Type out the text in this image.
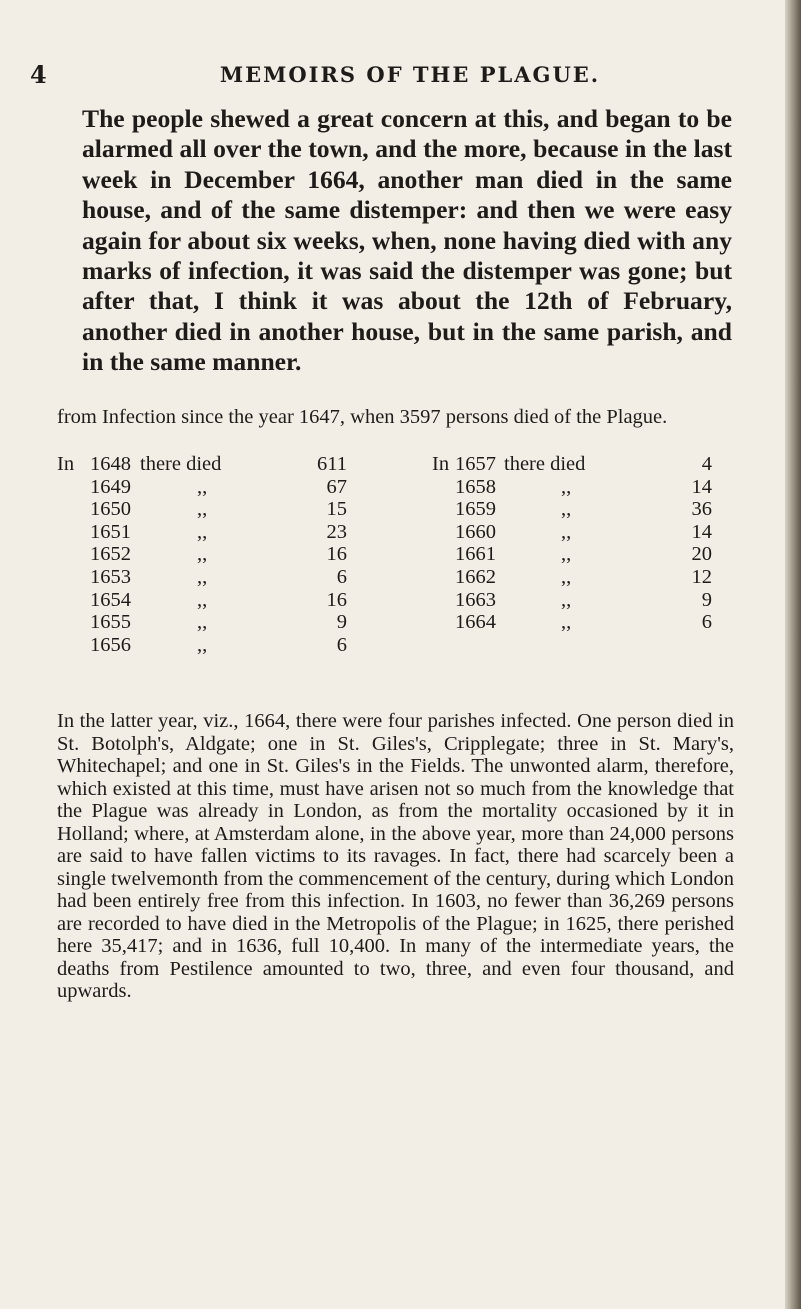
4	MEMOIRS OF THE PLAGUE.

The people shewed a great concern at this, and began to be alarmed all over the town, and the more, because in the last week in December 1664, another man died in the same house, and of the same distemper: and then we were easy again for about six weeks, when, none having died with any marks of infection, it was said the distemper was gone; but after that, I think it was about the 12th of February, another died in another house, but in the same parish, and in the same manner.

from Infection since the year 1647, when 3597 persons died of the Plague.

In 1648 there died	611
1649	,,	67
1650	,,	15
1651	,,	23
1652	,,	16
1653	,,	6
1654	,,	16
1655	,,	9
1656	,,	6
In 1657 there died	4
1658	,,	14
1659	,,	36
1660	,,	14
1661	,,	20
1662	,,	12
1663	,,	9
1664	,,	6

In the latter year, viz., 1664, there were four parishes infected. One person died in St. Botolph's, Aldgate; one in St. Giles's, Cripplegate; three in St. Mary's, Whitechapel; and one in St. Giles's in the Fields. The unwonted alarm, therefore, which existed at this time, must have arisen not so much from the knowledge that the Plague was already in London, as from the mortality occasioned by it in Holland; where, at Amsterdam alone, in the above year, more than 24,000 persons are said to have fallen victims to its ravages. In fact, there had scarcely been a single twelvemonth from the commencement of the century, during which London had been entirely free from this infection. In 1603, no fewer than 36,269 persons are recorded to have died in the Metropolis of the Plague; in 1625, there perished here 35,417; and in 1636, full 10,400. In many of the intermediate years, the deaths from Pestilence amounted to two, three, and even four thousand, and upwards.
